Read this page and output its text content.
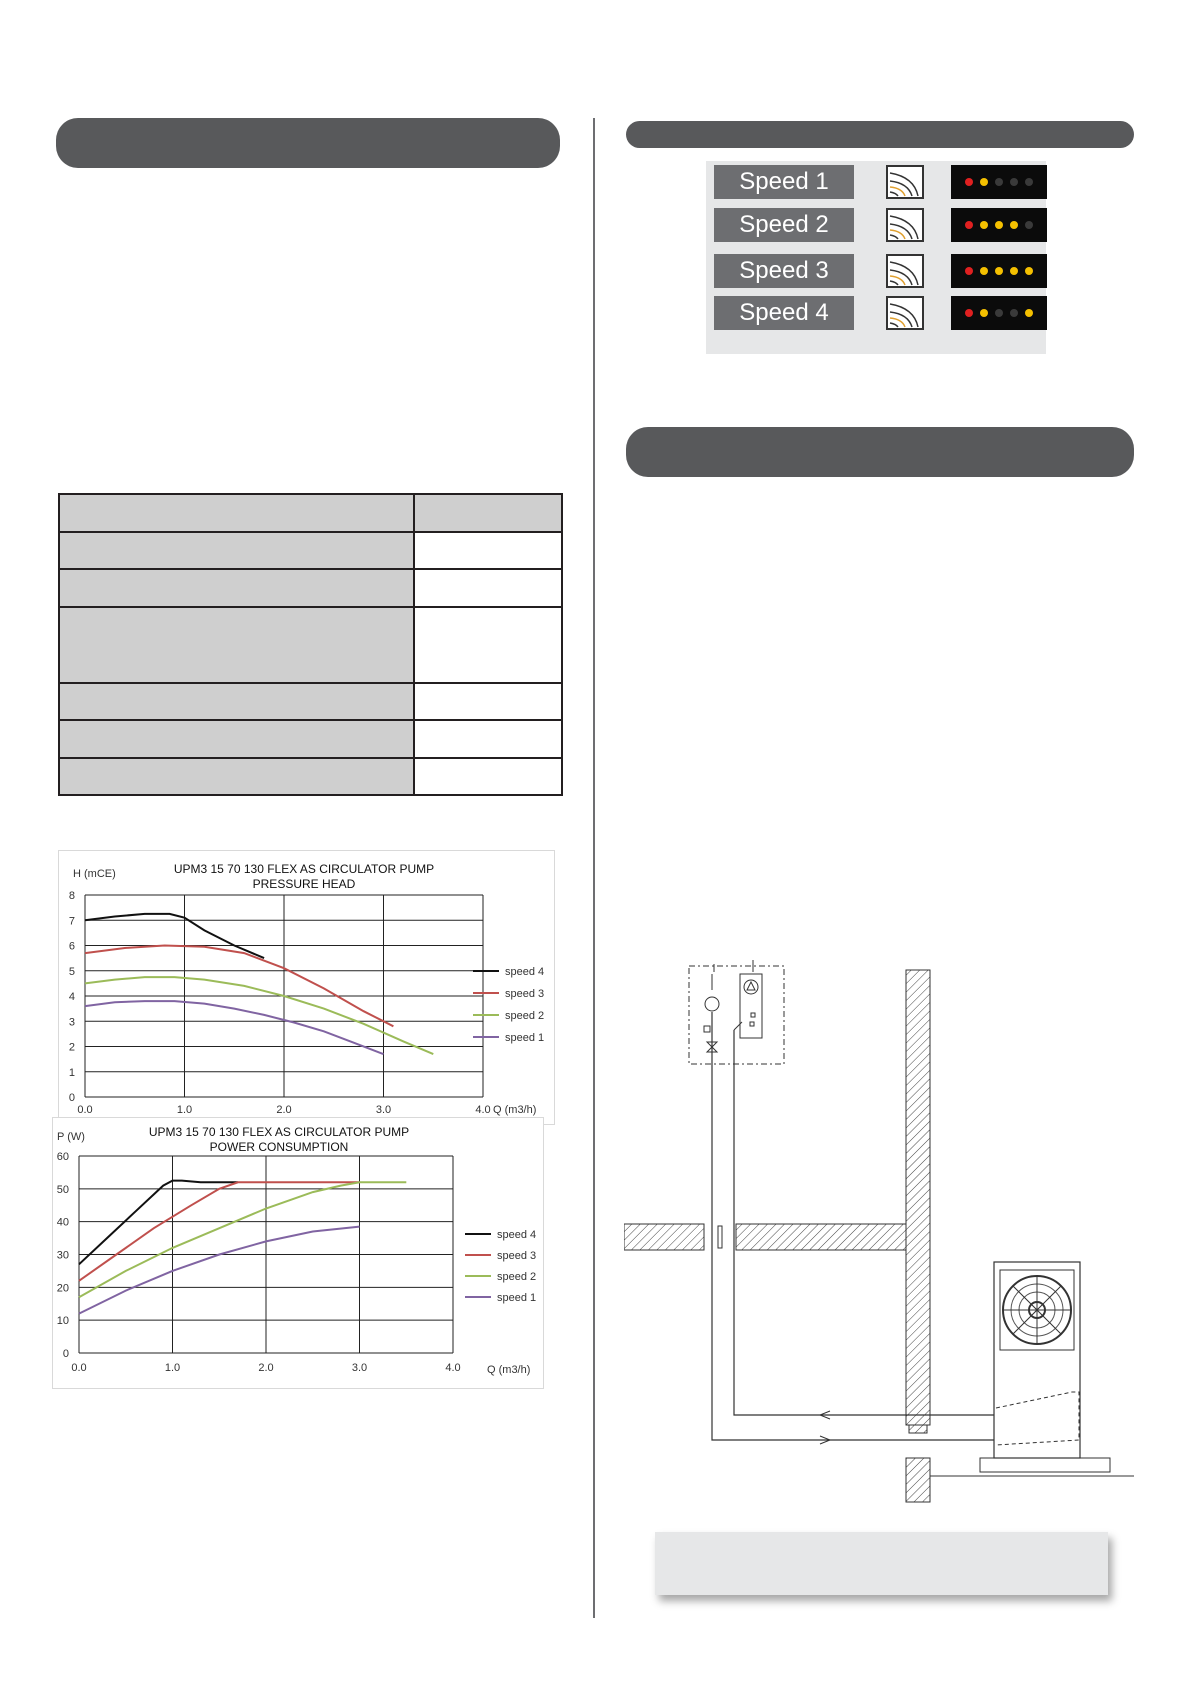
Speed 1
Speed 2
Speed 3
Speed 4

UPM3 15 70 130 FLEX AS CIRCULATOR PUMP
PRESSURE HEAD
H (mCE)
Q (m3/h)
0
1
2
3
4
5
6
7
8
0.0	1.0	2.0	3.0	4.0
speed 4
speed 3
speed 2
speed 1
UPM3 15 70 130 FLEX AS CIRCULATOR PUMP
POWER CONSUMPTION
P (W)
Q (m3/h)
0
10
20
30
40
50
60
0.0	1.0	2.0	3.0	4.0
speed 4
speed 3
speed 2
speed 1
